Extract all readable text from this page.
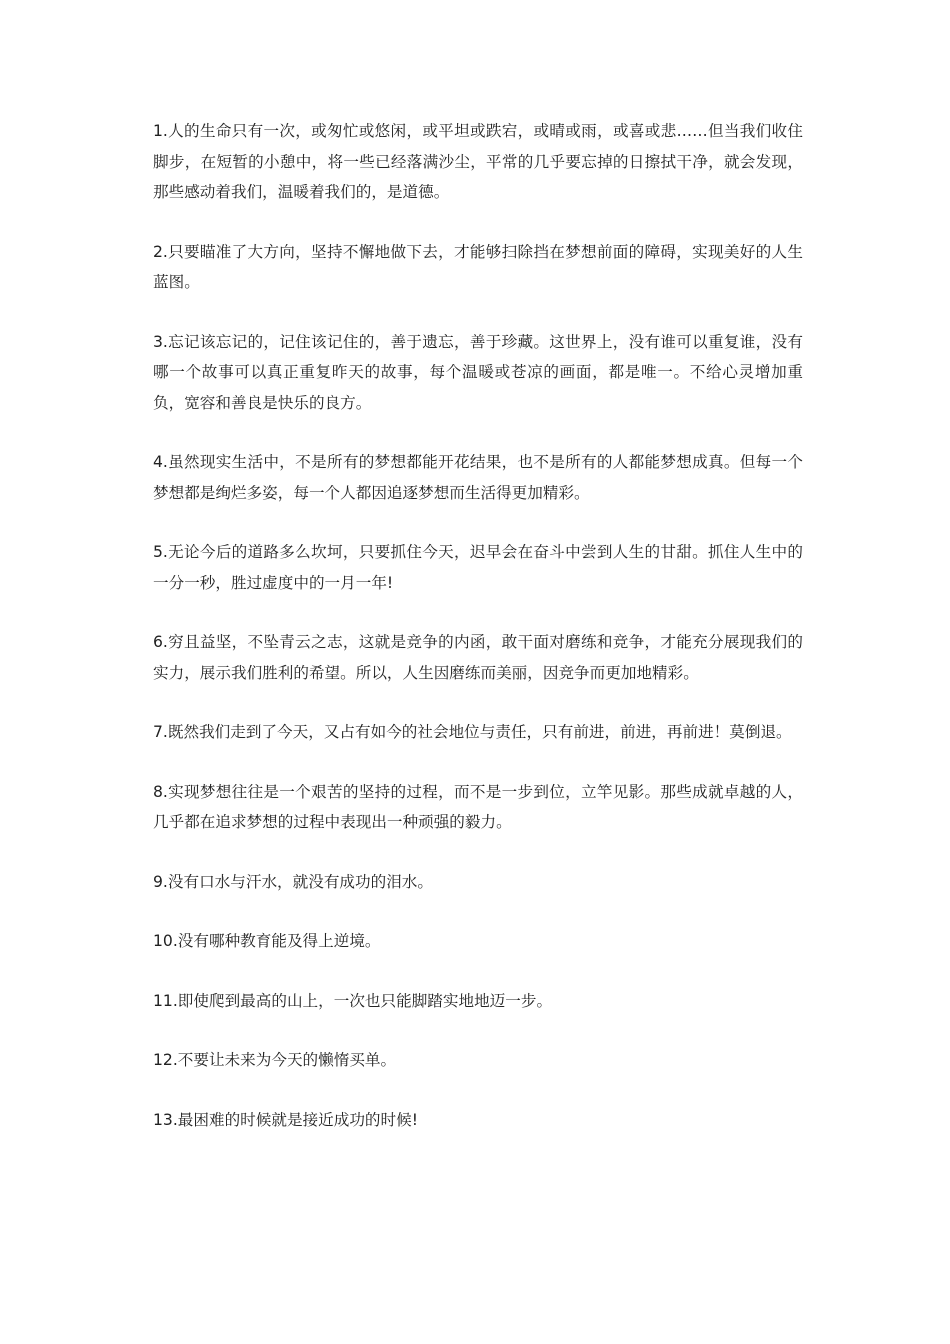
1.人的生命只有一次，或匆忙或悠闲，或平坦或跌宕，或晴或雨，或喜或悲……但当我们收住脚步，在短暂的小憩中，将一些已经落满沙尘，平常的几乎要忘掉的日擦拭干净，就会发现，那些感动着我们，温暖着我们的，是道德。

2.只要瞄准了大方向，坚持不懈地做下去，才能够扫除挡在梦想前面的障碍，实现美好的人生蓝图。

3.忘记该忘记的，记住该记住的，善于遗忘，善于珍藏。这世界上，没有谁可以重复谁，没有哪一个故事可以真正重复昨天的故事，每个温暖或苍凉的画面，都是唯一。不给心灵增加重负，宽容和善良是快乐的良方。

4.虽然现实生活中，不是所有的梦想都能开花结果，也不是所有的人都能梦想成真。但每一个梦想都是绚烂多姿，每一个人都因追逐梦想而生活得更加精彩。

5.无论今后的道路多么坎坷，只要抓住今天，迟早会在奋斗中尝到人生的甘甜。抓住人生中的一分一秒，胜过虚度中的一月一年!

6.穷且益坚，不坠青云之志，这就是竞争的内函，敢干面对磨练和竞争，才能充分展现我们的实力，展示我们胜利的希望。所以，人生因磨练而美丽，因竞争而更加地精彩。

7.既然我们走到了今天，又占有如今的社会地位与责任，只有前进，前进，再前进！莫倒退。

8.实现梦想往往是一个艰苦的坚持的过程，而不是一步到位，立竿见影。那些成就卓越的人，几乎都在追求梦想的过程中表现出一种顽强的毅力。

9.没有口水与汗水，就没有成功的泪水。

10.没有哪种教育能及得上逆境。

11.即使爬到最高的山上，一次也只能脚踏实地地迈一步。

12.不要让未来为今天的懒惰买单。

13.最困难的时候就是接近成功的时候!
